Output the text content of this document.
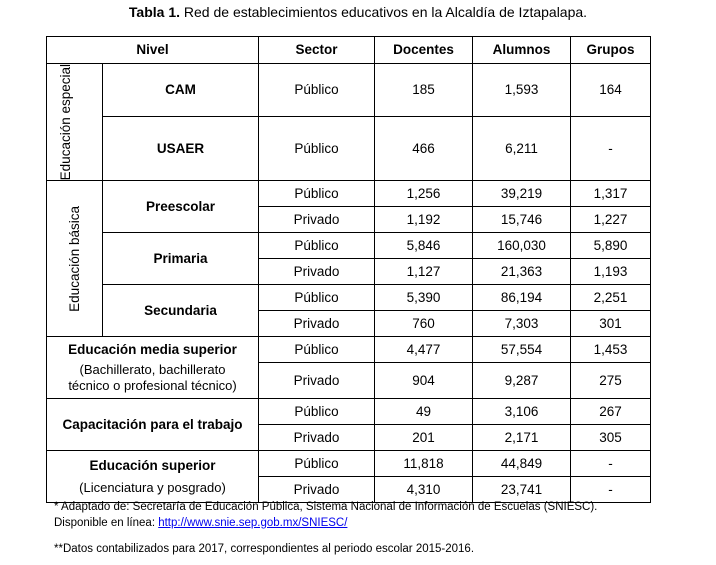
Tabla 1. Red de establecimientos educativos en la Alcaldía de Iztapalapa.
Nivel		Sector	Docentes	Alumnos	Grupos

Educación especial	CAM	Público	185	1,593	164
	USAER	Público	466	6,211	-

Educación básica	Preescolar	Público	1,256	39,219	1,317
		Privado	1,192	15,746	1,227
	Primaria	Público	5,846	160,030	5,890
		Privado	1,127	21,363	1,193
	Secundaria	Público	5,390	86,194	2,251
		Privado	760	7,303	301

Educación media superior
(Bachillerato, bachillerato técnico o profesional técnico)		Público	4,477	57,554	1,453
		Privado	904	9,287	275
Capacitación para el trabajo		Público	49	3,106	267
		Privado	201	2,171	305

Educación superior
(Licenciatura y posgrado)		Público	11,818	44,849	-
		Privado	4,310	23,741	-
* Adaptado de: Secretaría de Educación Pública, Sistema Nacional de Información de Escuelas (SNIESC). Disponible en línea: http://www.snie.sep.gob.mx/SNIESC/
**Datos contabilizados para 2017, correspondientes al periodo escolar 2015-2016.
